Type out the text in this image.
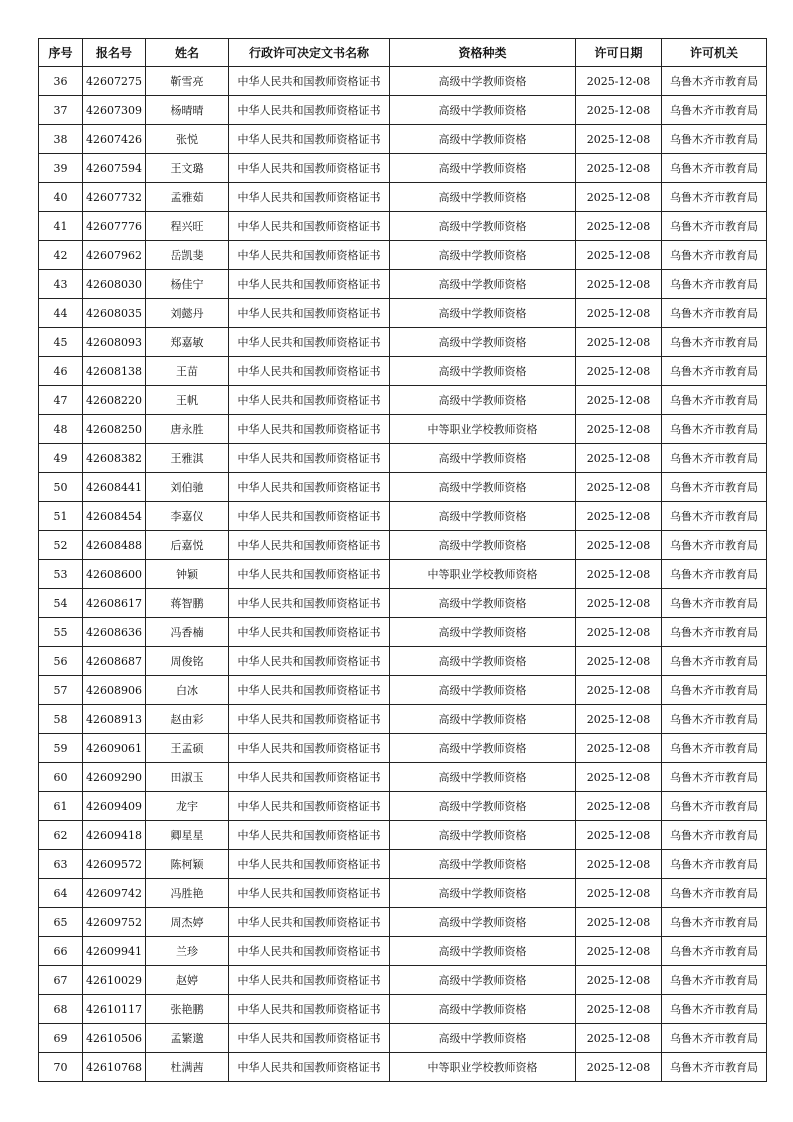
序号	报名号	姓名	行政许可决定文书名称	资格种类	许可日期	许可机关
36	42607275	靳雪亮	中华人民共和国教师资格证书	高级中学教师资格	2025-12-08	乌鲁木齐市教育局
37	42607309	杨晴晴	中华人民共和国教师资格证书	高级中学教师资格	2025-12-08	乌鲁木齐市教育局
38	42607426	张悦	中华人民共和国教师资格证书	高级中学教师资格	2025-12-08	乌鲁木齐市教育局
39	42607594	王文璐	中华人民共和国教师资格证书	高级中学教师资格	2025-12-08	乌鲁木齐市教育局
40	42607732	孟雅茹	中华人民共和国教师资格证书	高级中学教师资格	2025-12-08	乌鲁木齐市教育局
41	42607776	程兴旺	中华人民共和国教师资格证书	高级中学教师资格	2025-12-08	乌鲁木齐市教育局
42	42607962	岳凯斐	中华人民共和国教师资格证书	高级中学教师资格	2025-12-08	乌鲁木齐市教育局
43	42608030	杨佳宁	中华人民共和国教师资格证书	高级中学教师资格	2025-12-08	乌鲁木齐市教育局
44	42608035	刘懿丹	中华人民共和国教师资格证书	高级中学教师资格	2025-12-08	乌鲁木齐市教育局
45	42608093	郑嘉敏	中华人民共和国教师资格证书	高级中学教师资格	2025-12-08	乌鲁木齐市教育局
46	42608138	王苗	中华人民共和国教师资格证书	高级中学教师资格	2025-12-08	乌鲁木齐市教育局
47	42608220	王帆	中华人民共和国教师资格证书	高级中学教师资格	2025-12-08	乌鲁木齐市教育局
48	42608250	唐永胜	中华人民共和国教师资格证书	中等职业学校教师资格	2025-12-08	乌鲁木齐市教育局
49	42608382	王雅淇	中华人民共和国教师资格证书	高级中学教师资格	2025-12-08	乌鲁木齐市教育局
50	42608441	刘伯驰	中华人民共和国教师资格证书	高级中学教师资格	2025-12-08	乌鲁木齐市教育局
51	42608454	李嘉仪	中华人民共和国教师资格证书	高级中学教师资格	2025-12-08	乌鲁木齐市教育局
52	42608488	后嘉悦	中华人民共和国教师资格证书	高级中学教师资格	2025-12-08	乌鲁木齐市教育局
53	42608600	钟颖	中华人民共和国教师资格证书	中等职业学校教师资格	2025-12-08	乌鲁木齐市教育局
54	42608617	蒋智鹏	中华人民共和国教师资格证书	高级中学教师资格	2025-12-08	乌鲁木齐市教育局
55	42608636	冯香楠	中华人民共和国教师资格证书	高级中学教师资格	2025-12-08	乌鲁木齐市教育局
56	42608687	周俊铭	中华人民共和国教师资格证书	高级中学教师资格	2025-12-08	乌鲁木齐市教育局
57	42608906	白冰	中华人民共和国教师资格证书	高级中学教师资格	2025-12-08	乌鲁木齐市教育局
58	42608913	赵由彩	中华人民共和国教师资格证书	高级中学教师资格	2025-12-08	乌鲁木齐市教育局
59	42609061	王孟硕	中华人民共和国教师资格证书	高级中学教师资格	2025-12-08	乌鲁木齐市教育局
60	42609290	田淑玉	中华人民共和国教师资格证书	高级中学教师资格	2025-12-08	乌鲁木齐市教育局
61	42609409	龙宇	中华人民共和国教师资格证书	高级中学教师资格	2025-12-08	乌鲁木齐市教育局
62	42609418	卿星星	中华人民共和国教师资格证书	高级中学教师资格	2025-12-08	乌鲁木齐市教育局
63	42609572	陈柯颖	中华人民共和国教师资格证书	高级中学教师资格	2025-12-08	乌鲁木齐市教育局
64	42609742	冯胜艳	中华人民共和国教师资格证书	高级中学教师资格	2025-12-08	乌鲁木齐市教育局
65	42609752	周杰婷	中华人民共和国教师资格证书	高级中学教师资格	2025-12-08	乌鲁木齐市教育局
66	42609941	兰珍	中华人民共和国教师资格证书	高级中学教师资格	2025-12-08	乌鲁木齐市教育局
67	42610029	赵婷	中华人民共和国教师资格证书	高级中学教师资格	2025-12-08	乌鲁木齐市教育局
68	42610117	张艳鹏	中华人民共和国教师资格证书	高级中学教师资格	2025-12-08	乌鲁木齐市教育局
69	42610506	孟繁邈	中华人民共和国教师资格证书	高级中学教师资格	2025-12-08	乌鲁木齐市教育局
70	42610768	杜满茜	中华人民共和国教师资格证书	中等职业学校教师资格	2025-12-08	乌鲁木齐市教育局
